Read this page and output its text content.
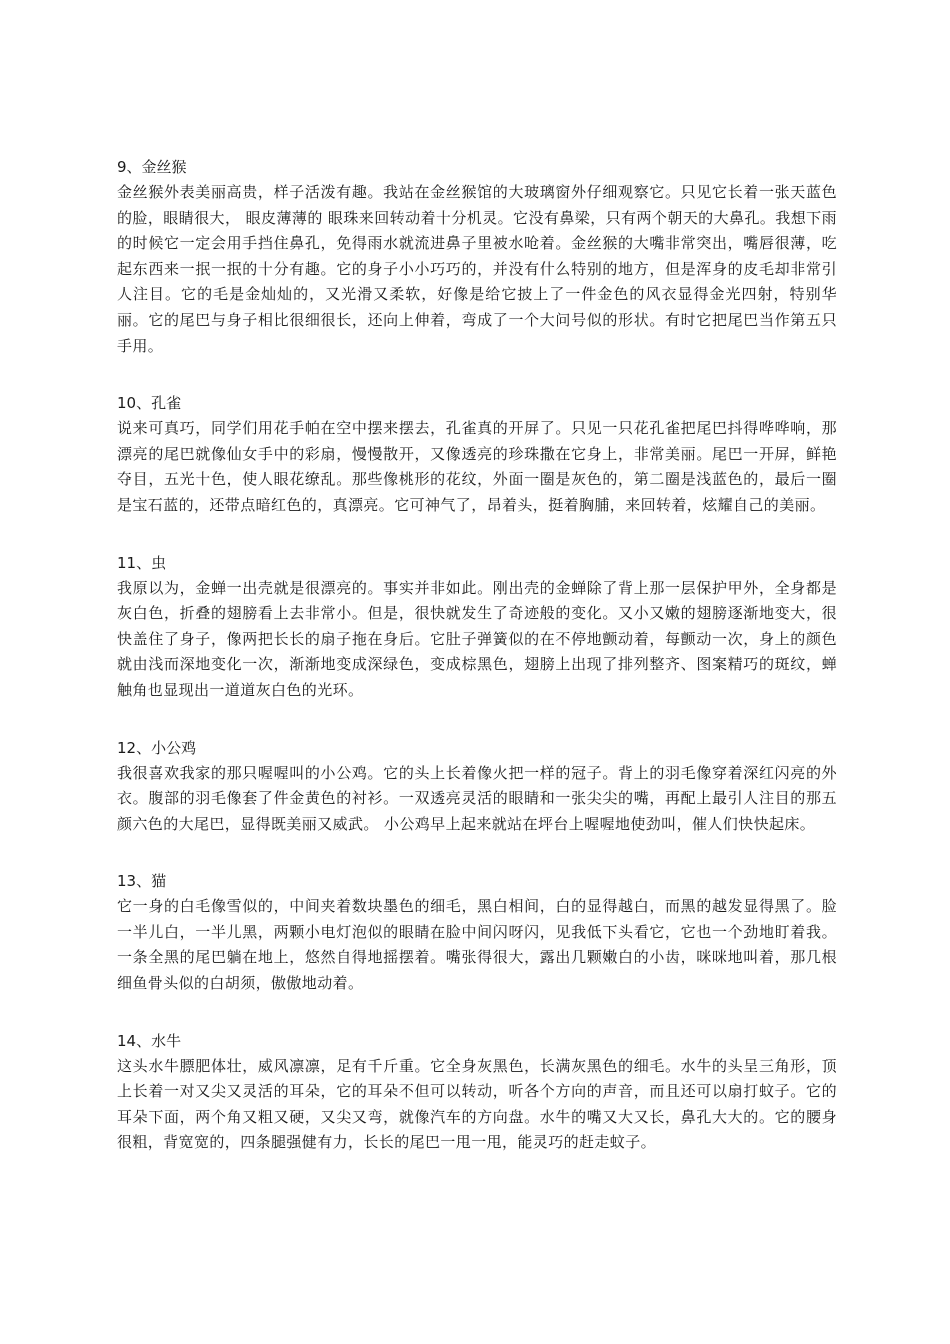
9、金丝猴

金丝猴外表美丽高贵，样子活泼有趣。我站在金丝猴馆的大玻璃窗外仔细观察它。只见它长着一张天蓝色的脸，眼睛很大， 眼皮薄薄的 眼珠来回转动着十分机灵。它没有鼻梁，只有两个朝天的大鼻孔。我想下雨的时候它一定会用手挡住鼻孔，免得雨水就流进鼻子里被水呛着。金丝猴的大嘴非常突出，嘴唇很薄，吃起东西来一抿一抿的十分有趣。它的身子小小巧巧的，并没有什么特别的地方，但是浑身的皮毛却非常引人注目。它的毛是金灿灿的，又光滑又柔软，好像是给它披上了一件金色的风衣显得金光四射，特别华丽。它的尾巴与身子相比很细很长，还向上伸着，弯成了一个大问号似的形状。有时它把尾巴当作第五只手用。

10、孔雀

说来可真巧，同学们用花手帕在空中摆来摆去，孔雀真的开屏了。只见一只花孔雀把尾巴抖得哗哗响，那漂亮的尾巴就像仙女手中的彩扇，慢慢散开，又像透亮的珍珠撒在它身上，非常美丽。尾巴一开屏，鲜艳夺目，五光十色，使人眼花缭乱。那些像桃形的花纹，外面一圈是灰色的，第二圈是浅蓝色的，最后一圈是宝石蓝的，还带点暗红色的，真漂亮。它可神气了，昂着头，挺着胸脯，来回转着，炫耀自己的美丽。

11、虫

我原以为，金蝉一出壳就是很漂亮的。事实并非如此。刚出壳的金蝉除了背上那一层保护甲外，全身都是灰白色，折叠的翅膀看上去非常小。但是，很快就发生了奇迹般的变化。又小又嫩的翅膀逐渐地变大，很快盖住了身子，像两把长长的扇子拖在身后。它肚子弹簧似的在不停地颤动着，每颤动一次，身上的颜色就由浅而深地变化一次，渐渐地变成深绿色，变成棕黑色，翅膀上出现了排列整齐、图案精巧的斑纹，蝉触角也显现出一道道灰白色的光环。

12、小公鸡

我很喜欢我家的那只喔喔叫的小公鸡。它的头上长着像火把一样的冠子。背上的羽毛像穿着深红闪亮的外衣。腹部的羽毛像套了件金黄色的衬衫。一双透亮灵活的眼睛和一张尖尖的嘴，再配上最引人注目的那五颜六色的大尾巴，显得既美丽又威武。 小公鸡早上起来就站在坪台上喔喔地使劲叫，催人们快快起床。

13、猫

它一身的白毛像雪似的，中间夹着数块墨色的细毛，黑白相间，白的显得越白，而黑的越发显得黑了。脸一半儿白，一半儿黑，两颗小电灯泡似的眼睛在脸中间闪呀闪，见我低下头看它，它也一个劲地盯着我。一条全黑的尾巴躺在地上，悠然自得地摇摆着。嘴张得很大，露出几颗嫩白的小齿，咪咪地叫着，那几根细鱼骨头似的白胡须，傲傲地动着。

14、水牛

这头水牛膘肥体壮，威风凛凛，足有千斤重。它全身灰黑色，长满灰黑色的细毛。水牛的头呈三角形，顶上长着一对又尖又灵活的耳朵，它的耳朵不但可以转动，听各个方向的声音，而且还可以扇打蚊子。它的耳朵下面，两个角又粗又硬，又尖又弯，就像汽车的方向盘。水牛的嘴又大又长，鼻孔大大的。它的腰身很粗，背宽宽的，四条腿强健有力，长长的尾巴一甩一甩，能灵巧的赶走蚊子。
